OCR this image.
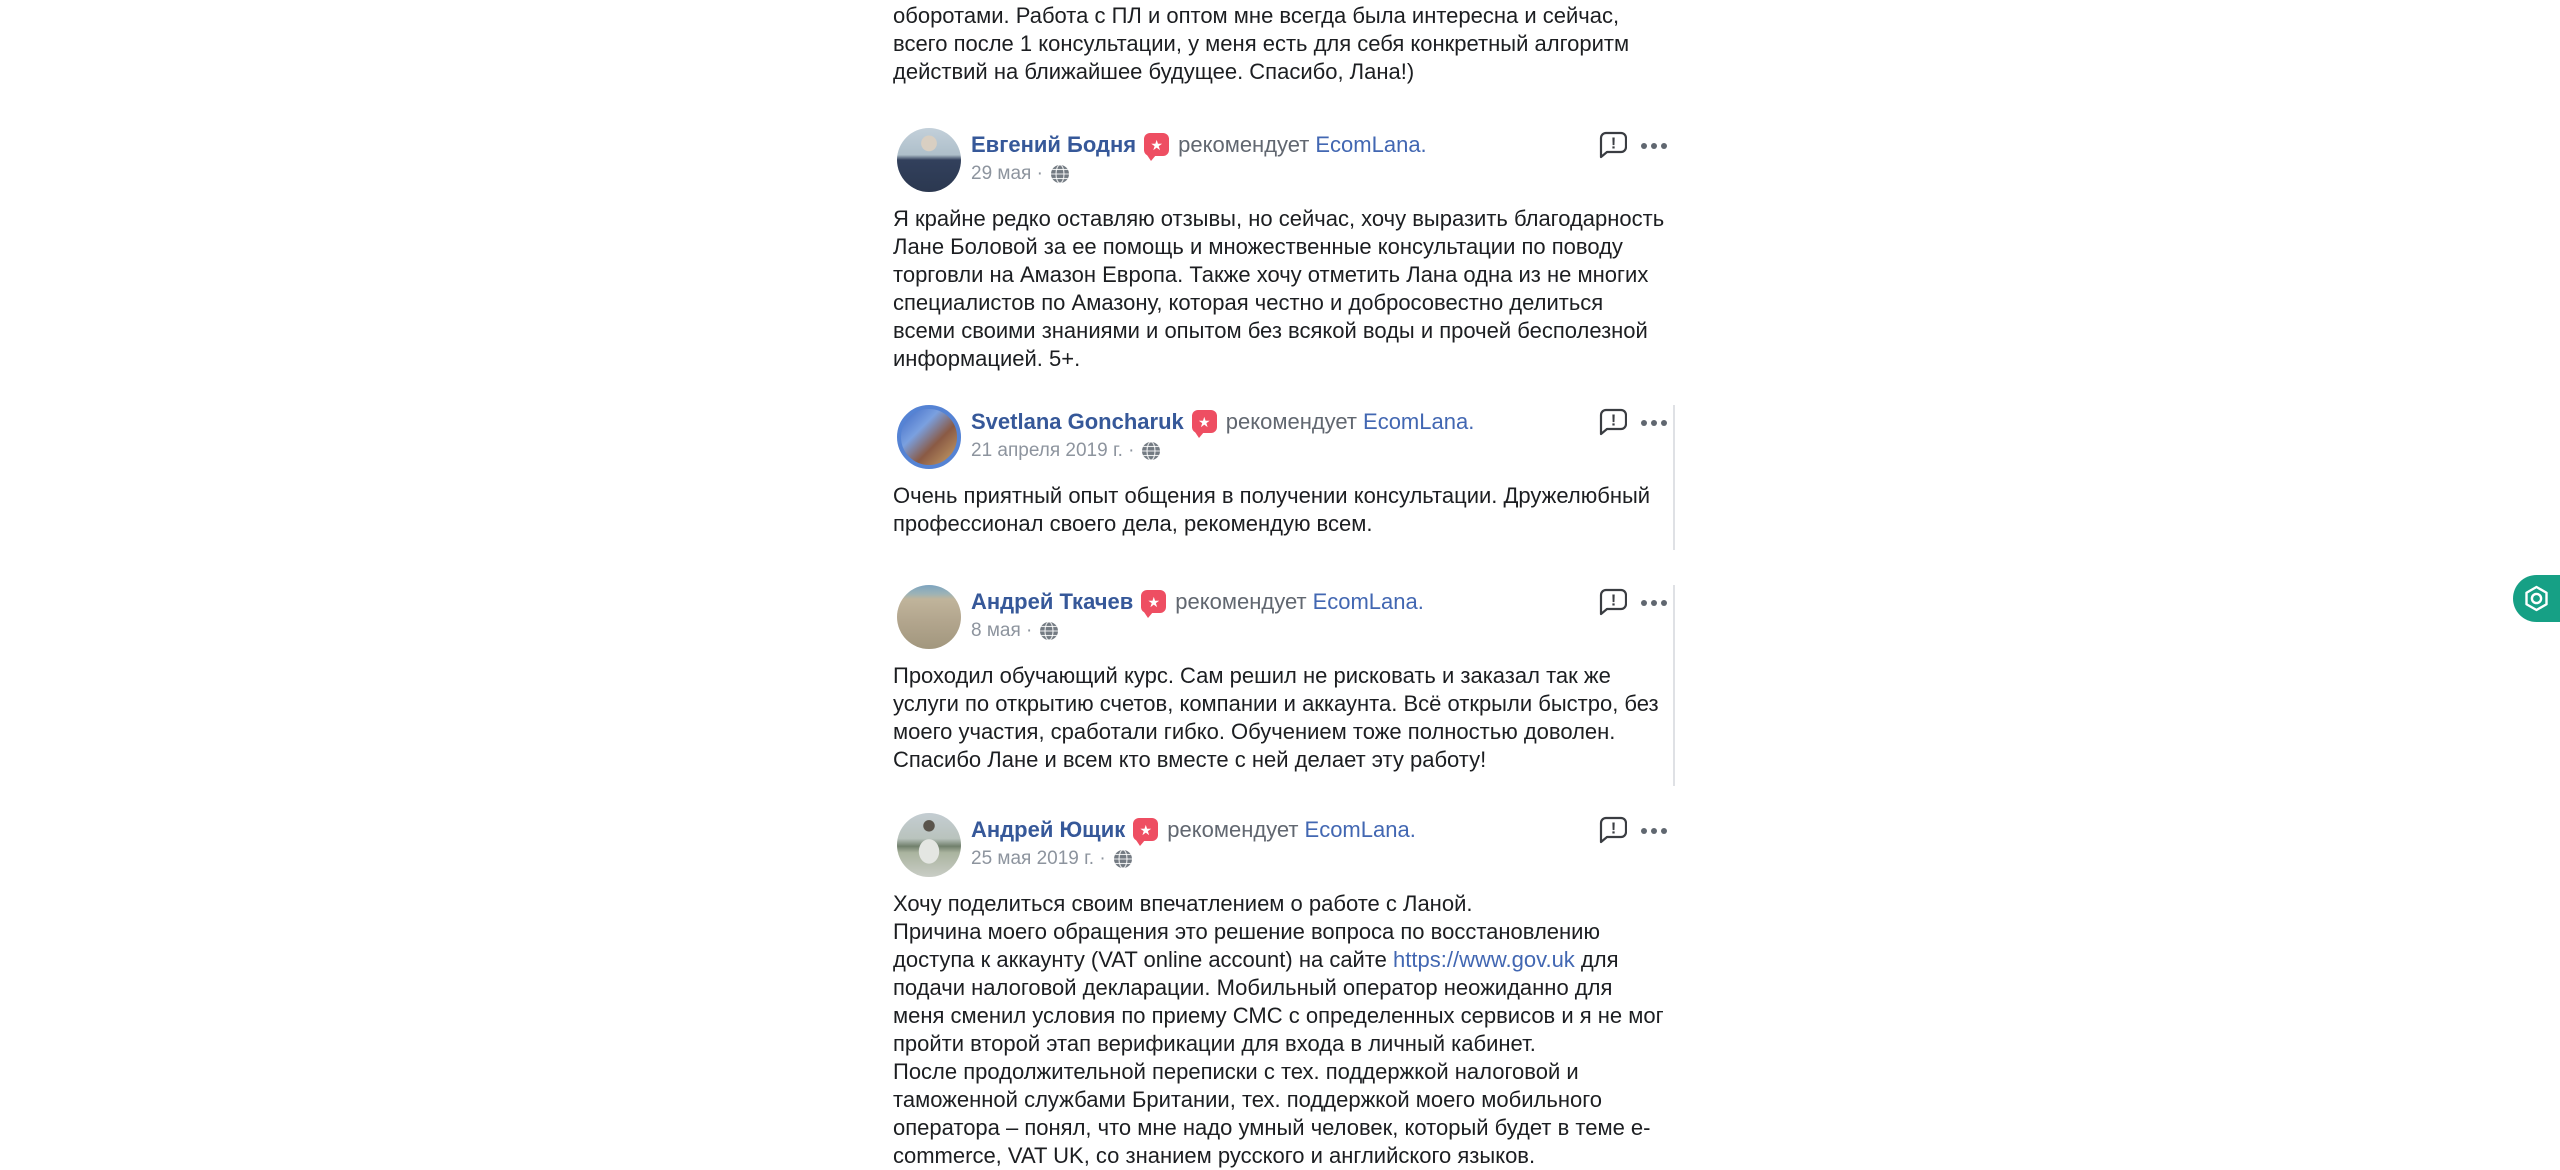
оборотами. Работа с ПЛ и оптом мне всегда была интересна и сейчас, всего после 1 консультации, у меня есть для себя конкретный алгоритм действий на ближайшее будущее. Спасибо, Лана!)
Евгений Бодня ★ рекомендует EcomLana.
29 мая ·
!

Я крайне редко оставляю отзывы, но сейчас, хочу выразить благодарность Лане Боловой за ее помощь и множественные консультации по поводу торговли на Амазон Европа. Также хочу отметить Лана одна из не многих специалистов по Амазону, которая честно и добросовестно делиться всеми своими знаниями и опытом без всякой воды и прочей бесполезной информацией. 5+.

Svetlana Goncharuk ★ рекомендует EcomLana.
21 апреля 2019 г. ·
!

Очень приятный опыт общения в получении консультации. Дружелюбный профессионал своего дела, рекомендую всем.

Андрей Ткачев ★ рекомендует EcomLana.
8 мая ·
!

Проходил обучающий курс. Сам решил не рисковать и заказал так же услуги по открытию счетов, компании и аккаунта. Всё открыли быстро, без моего участия, сработали гибко. Обучением тоже полностью доволен. Спасибо Лане и всем кто вместе с ней делает эту работу!

Андрей Ющик ★ рекомендует EcomLana.
25 мая 2019 г. ·
!

Хочу поделиться своим впечатлением о работе с Ланой.

Причина моего обращения это решение вопроса по восстановлению доступа к аккаунту (VAT online account) на сайте https://www.gov.uk для подачи налоговой декларации. Мобильный оператор неожиданно для меня сменил условия по приему СМС с определенных сервисов и я не мог пройти второй этап верификации для входа в личный кабинет.

После продолжительной переписки с тех. поддержкой налоговой и таможенной службами Британии, тех. поддержкой моего мобильного оператора – понял, что мне надо умный человек, который будет в теме e-commerce, VAT UK, со знанием русского и английского языков.
